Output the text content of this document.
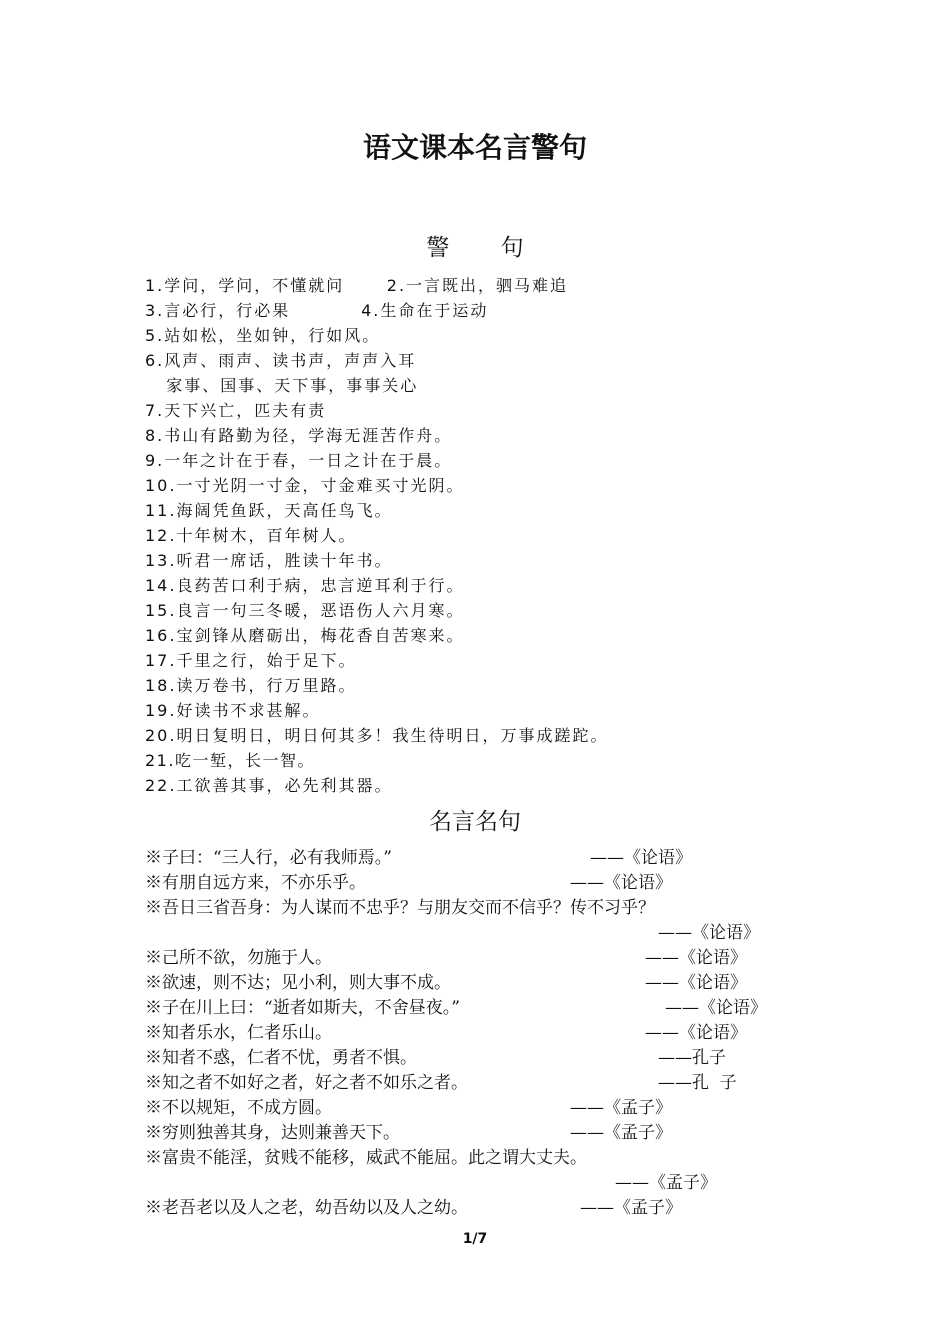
语文课本名言警句
警 句
1.学问，学问，不懂就问      2.一言既出，驷马难追
3.言必行，行必果          4.生命在于运动
5.站如松，坐如钟，行如风。
6.风声、雨声、读书声，声声入耳
家事、国事、天下事，事事关心
7.天下兴亡，匹夫有责
8.书山有路勤为径，学海无涯苦作舟。
9.一年之计在于春，一日之计在于晨。
10.一寸光阴一寸金，寸金难买寸光阴。
11.海阔凭鱼跃，天高任鸟飞。
12.十年树木，百年树人。
13.听君一席话，胜读十年书。
14.良药苦口利于病，忠言逆耳利于行。
15.良言一句三冬暖，恶语伤人六月寒。
16.宝剑锋从磨砺出，梅花香自苦寒来。
17.千里之行，始于足下。
18.读万卷书，行万里路。
19.好读书不求甚解。
20.明日复明日，明日何其多！我生待明日，万事成蹉跎。
21.吃一堑，长一智。
22.工欲善其事，必先利其器。
名言名句
※子曰：“三人行，必有我师焉。”	——《论语》
※有朋自远方来，不亦乐乎。	——《论语》
※吾日三省吾身：为人谋而不忠乎？与朋友交而不信乎？传不习乎？
——《论语》
※己所不欲，勿施于人。	——《论语》
※欲速，则不达；见小利，则大事不成。	——《论语》
※子在川上曰：“逝者如斯夫，不舍昼夜。”	——《论语》
※知者乐水，仁者乐山。	——《论语》
※知者不惑，仁者不忧，勇者不惧。	——孔子
※知之者不如好之者，好之者不如乐之者。	——孔  子
※不以规矩，不成方圆。	——《孟子》
※穷则独善其身，达则兼善天下。	——《孟子》
※富贵不能淫，贫贱不能移，威武不能屈。此之谓大丈夫。
——《孟子》
※老吾老以及人之老，幼吾幼以及人之幼。	——《孟子》
1/7
